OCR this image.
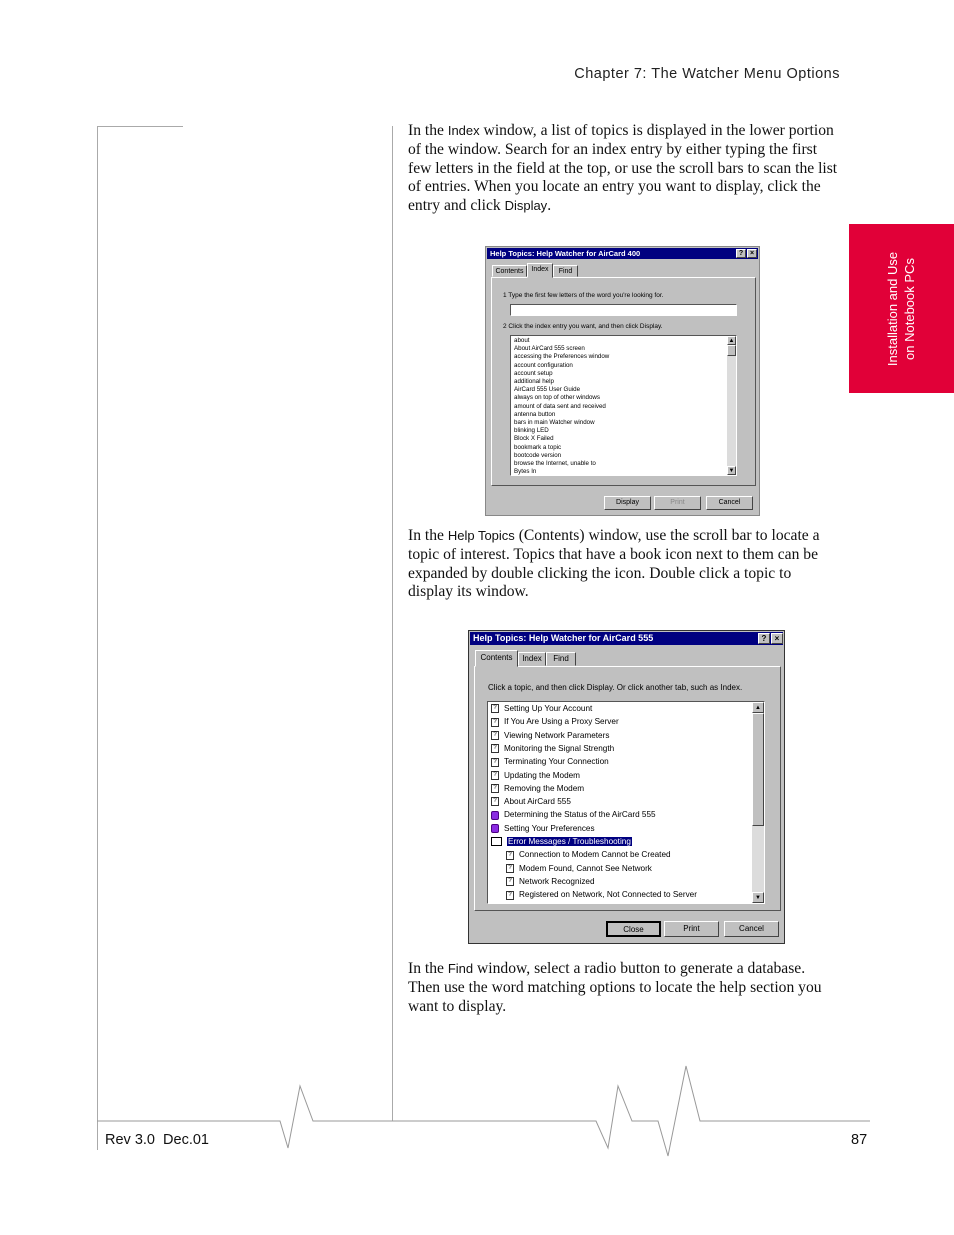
Chapter 7: The Watcher Menu Options
Installation and Use on Notebook PCs
In the Index window, a list of topics is displayed in the lower portion of the window. Search for an index entry by either typing the first few letters in the field at the top, or use the scroll bars to scan the list of entries. When you locate an entry you want to display, click the entry and click Display.
Help Topics: Help Watcher for AirCard 400	? ×
Contents	Index	Find
1 Type the first few letters of the word you're looking for.
2 Click the index entry you want, and then click Display.
about
About AirCard 555 screen
accessing the Preferences window
account configuration
account setup
additional help
AirCard 555 User Guide
always on top of other windows
amount of data sent and received
antenna button
bars in main Watcher window
blinking LED
Block X Failed
bookmark a topic
bootcode version
browse the Internet, unable to
Bytes In
▲
▼
Display	Print	Cancel
In the Help Topics (Contents) window, use the scroll bar to locate a topic of interest. Topics that have a book icon next to them can be expanded by double clicking the icon. Double click a topic to display its window.
Help Topics: Help Watcher for AirCard 555	?	×
Contents	Index	Find
Click a topic, and then click Display. Or click another tab, such as Index.
? Setting Up Your Account
? If You Are Using a Proxy Server
? Viewing Network Parameters
? Monitoring the Signal Strength
? Terminating Your Connection
? Updating the Modem
? Removing the Modem
? About AirCard 555
Determining the Status of the AirCard 555
Setting Your Preferences
Error Messages / Troubleshooting
? Connection to Modem Cannot be Created
? Modem Found, Cannot See Network
? Network Recognized
? Registered on Network, Not Connected to Server
▲
▼
Close	Print	Cancel
In the Find window, select a radio button to generate a database. Then use the word matching options to locate the help section you want to display.
Rev 3.0  Dec.01	87
